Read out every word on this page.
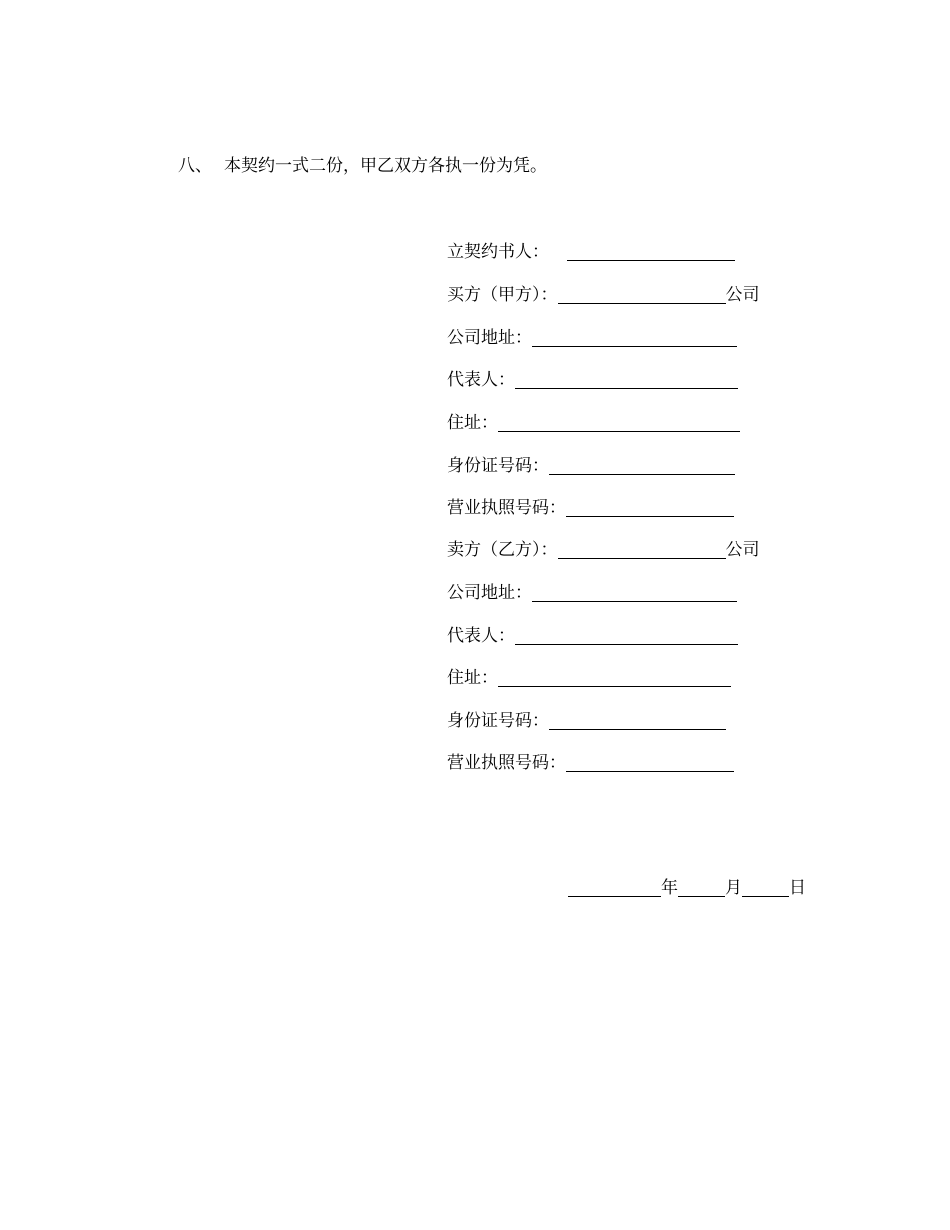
八、 本契约一式二份，甲乙双方各执一份为凭。
立契约书人：
买方（甲方）：	公司
公司地址：
代表人：
住址：
身份证号码：
营业执照号码：
卖方（乙方）：	公司
公司地址：
代表人：
住址：
身份证号码：
营业执照号码：
年	月	日
